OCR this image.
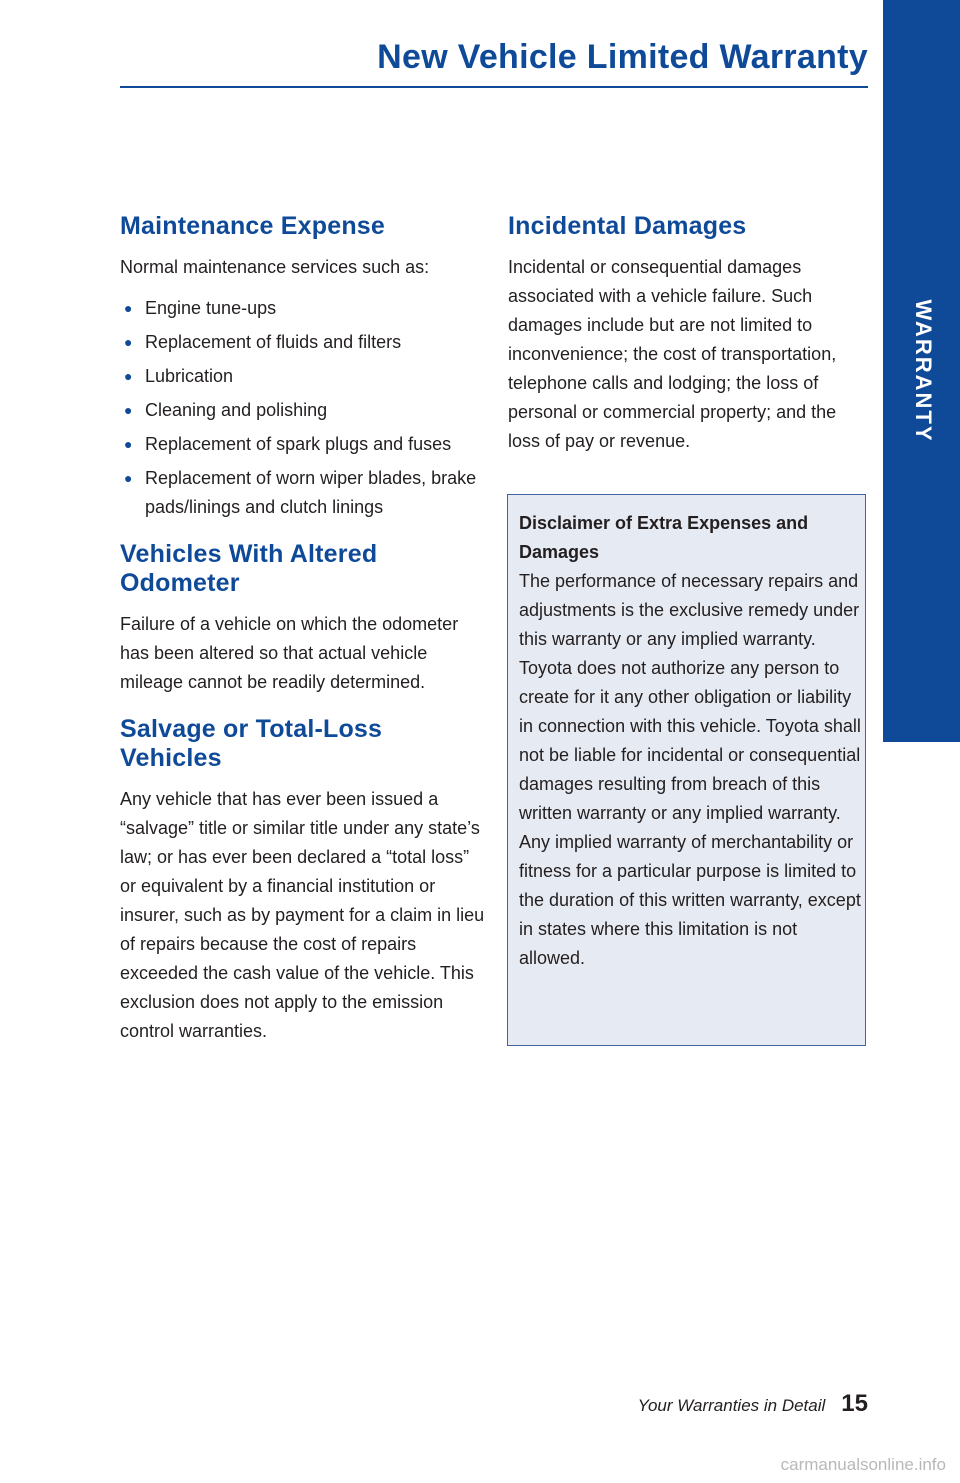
New Vehicle Limited Warranty
WARRANTY
Maintenance Expense

Normal maintenance services such as:

● Engine tune-ups
● Replacement of fluids and filters
● Lubrication
● Cleaning and polishing
● Replacement of spark plugs and fuses
● Replacement of worn wiper blades, brake pads/linings and clutch linings
Vehicles With Altered Odometer

Failure of a vehicle on which the odometer has been altered so that actual vehicle mileage cannot be readily determined.

Salvage or Total-Loss Vehicles

Any vehicle that has ever been issued a “salvage” title or similar title under any state’s law; or has ever been declared a “total loss” or equivalent by a financial institution or insurer, such as by payment for a claim in lieu of repairs because the cost of repairs exceeded the cash value of the vehicle. This exclusion does not apply to the emission control warranties.

Incidental Damages

Incidental or consequential damages associated with a vehicle failure. Such damages include but are not limited to inconvenience; the cost of transportation, telephone calls and lodging; the loss of personal or commercial property; and the loss of pay or revenue.

Disclaimer of Extra Expenses and Damages
The performance of necessary repairs and adjustments is the exclusive remedy under this warranty or any implied warranty. Toyota does not authorize any person to create for it any other obligation or liability in connection with this vehicle. Toyota shall not be liable for incidental or consequential damages resulting from breach of this written warranty or any implied warranty. Any implied warranty of merchantability or fitness for a particular purpose is limited to the duration of this written warranty, except in states where this limitation is not allowed.
Your Warranties in Detail 15
carmanualsonline.info
